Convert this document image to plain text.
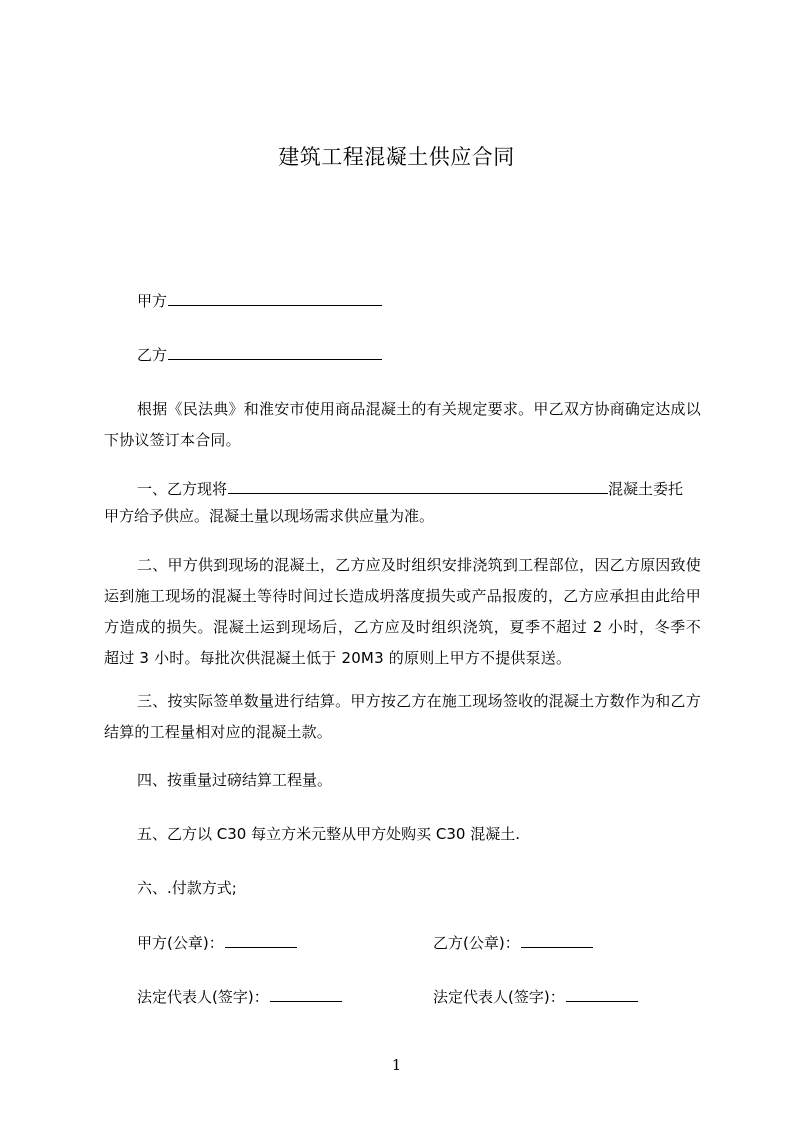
建筑工程混凝土供应合同
甲方
乙方
根据《民法典》和淮安市使用商品混凝土的有关规定要求。甲乙双方协商确定达成以下协议签订本合同。
一、乙方现将	混凝土委托
甲方给予供应。混凝土量以现场需求供应量为准。
二、甲方供到现场的混凝土，乙方应及时组织安排浇筑到工程部位，因乙方原因致使运到施工现场的混凝土等待时间过长造成坍落度损失或产品报废的，乙方应承担由此给甲方造成的损失。混凝土运到现场后，乙方应及时组织浇筑，夏季不超过 2 小时，冬季不超过 3 小时。每批次供混凝土低于 20M3 的原则上甲方不提供泵送。
三、按实际签单数量进行结算。甲方按乙方在施工现场签收的混凝土方数作为和乙方结算的工程量相对应的混凝土款。
四、按重量过磅结算工程量。
五、乙方以 C30 每立方米元整从甲方处购买 C30 混凝土.
六、.付款方式;
甲方(公章)：	乙方(公章)：
法定代表人(签字)：	法定代表人(签字)：
1
